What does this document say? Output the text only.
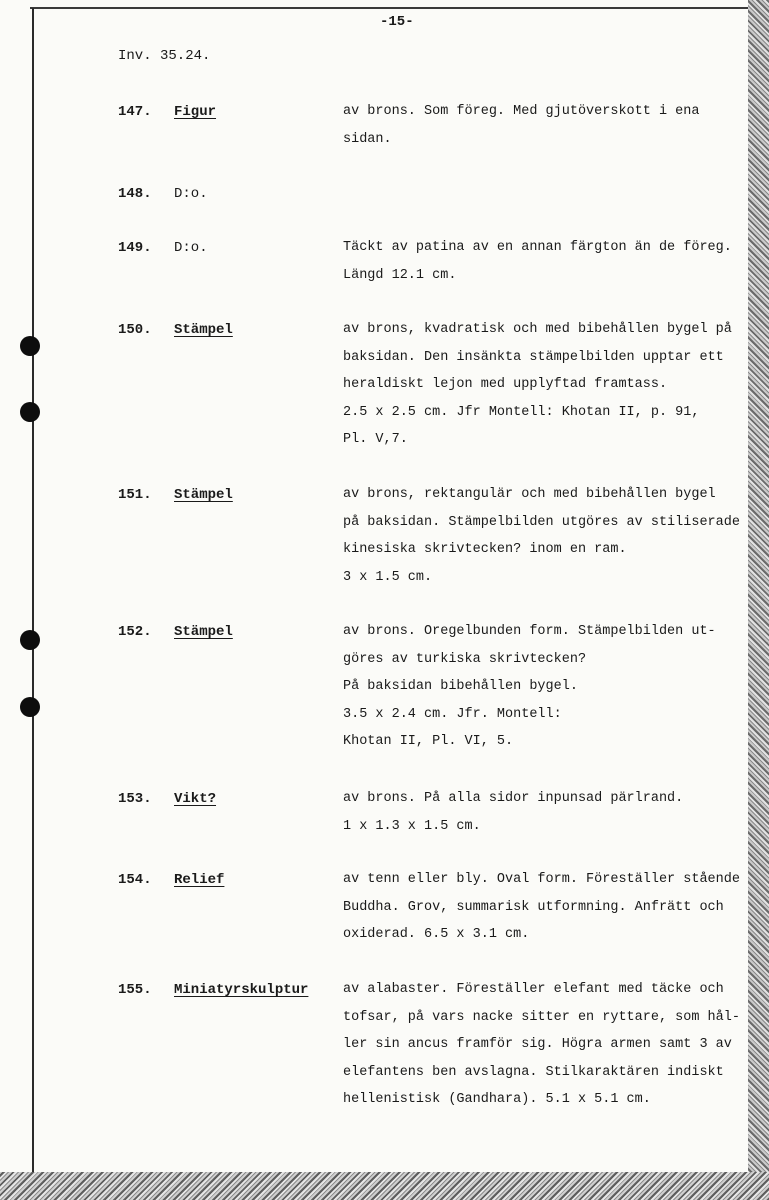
-15-
Inv. 35.24.
147. Figur	av brons. Som föreg. Med gjutöverskott i ena
sidan.
148. D:o.
149. D:o.	Täckt av patina av en annan färgton än de föreg.
Längd 12.1 cm.
150. Stämpel	av brons, kvadratisk och med bibehållen bygel på
baksidan. Den insänkta stämpelbilden upptar ett
heraldiskt lejon med upplyftad framtass.
2.5 x 2.5 cm. Jfr Montell: Khotan II, p. 91,
Pl. V,7.
151. Stämpel	av brons, rektangulär och med bibehållen bygel
på baksidan. Stämpelbilden utgöres av stiliserade
kinesiska skrivtecken? inom en ram.
3 x 1.5 cm.
152. Stämpel	av brons. Oregelbunden form. Stämpelbilden ut-
göres av turkiska skrivtecken?
På baksidan bibehållen bygel.
3.5 x 2.4 cm. Jfr. Montell:
Khotan II, Pl. VI, 5.
153. Vikt?	av brons. På alla sidor inpunsad pärlrand.
1 x 1.3 x 1.5 cm.
154. Relief	av tenn eller bly. Oval form. Föreställer stående
Buddha. Grov, summarisk utformning. Anfrätt och
oxiderad. 6.5 x 3.1 cm.
155. Miniatyrskulptur	av alabaster. Föreställer elefant med täcke och
tofsar, på vars nacke sitter en ryttare, som hål-
ler sin ancus framför sig. Högra armen samt 3 av
elefantens ben avslagna. Stilkaraktären indiskt
hellenistisk (Gandhara). 5.1 x 5.1 cm.
